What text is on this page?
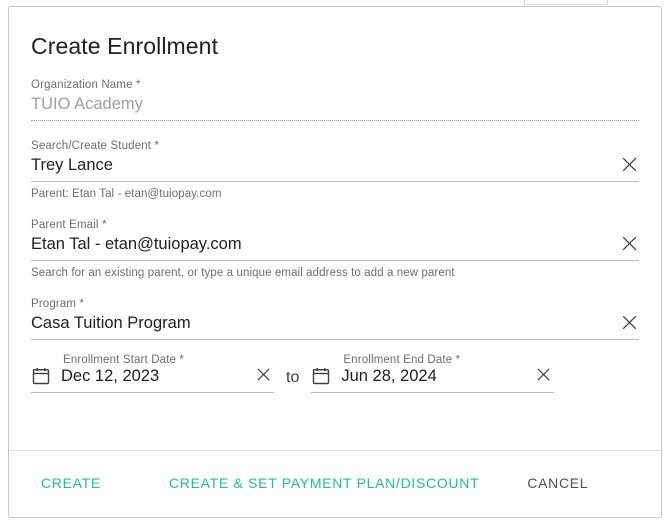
Create Enrollment
Organization Name *
TUIO Academy
Search/Create Student *
Trey Lance
Parent: Etan Tal - etan@tuiopay.com
Parent Email *
Etan Tal - etan@tuiopay.com
Search for an existing parent, or type a unique email address to add a new parent
Program *
Casa Tuition Program
Enrollment Start Date *
Dec 12, 2023	to
Enrollment End Date *
Jun 28, 2024
CREATE	CREATE & SET PAYMENT PLAN/DISCOUNT	CANCEL
